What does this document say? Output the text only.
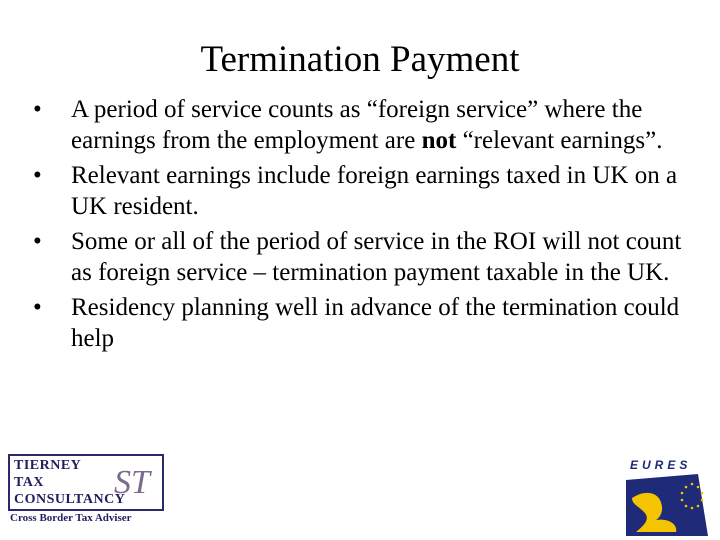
Termination Payment
•	A period of service counts as “foreign service” where the earnings from the employment are not “relevant earnings”.
•	Relevant earnings include foreign earnings taxed in UK on a UK resident.
•	Some or all of the period of service in the ROI will not count as foreign service – termination payment taxable in the UK.
•	Residency planning well in advance of the termination could help
TIERNEY
TAX
CONSULTANCY
ST
Cross Border Tax Adviser
EURES
